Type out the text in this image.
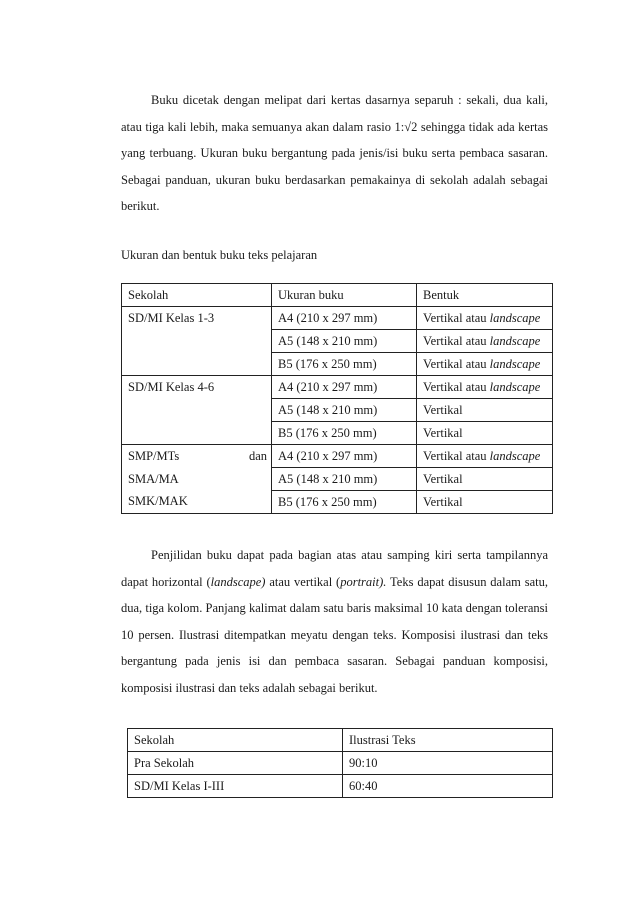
Buku dicetak dengan melipat dari kertas dasarnya separuh : sekali, dua kali, atau tiga kali lebih, maka semuanya akan dalam rasio 1:√2 sehingga tidak ada kertas yang terbuang. Ukuran buku bergantung pada jenis/isi buku serta pembaca sasaran. Sebagai panduan, ukuran buku berdasarkan pemakainya di sekolah adalah sebagai berikut.

Ukuran dan bentuk buku teks pelajaran

Sekolah	Ukuran buku	Bentuk
SD/MI Kelas 1-3	A4 (210 x 297 mm)	Vertikal atau landscape
	A5 (148 x 210 mm)	Vertikal atau landscape
	B5 (176 x 250 mm)	Vertikal atau landscape
SD/MI Kelas 4-6	A4 (210 x 297 mm)	Vertikal atau landscape
	A5 (148 x 210 mm)	Vertikal
	B5 (176 x 250 mm)	Vertikal
SMP/MTs dan	A4 (210 x 297 mm)	Vertikal atau landscape
SMA/MA	A5 (148 x 210 mm)	Vertikal
SMK/MAK	B5 (176 x 250 mm)	Vertikal

Penjilidan buku dapat pada bagian atas atau samping kiri serta tampilannya dapat horizontal (landscape) atau vertikal (portrait). Teks dapat disusun dalam satu, dua, tiga kolom. Panjang kalimat dalam satu baris maksimal 10 kata dengan toleransi 10 persen. Ilustrasi ditempatkan meyatu dengan teks. Komposisi ilustrasi dan teks bergantung pada jenis isi dan pembaca sasaran. Sebagai panduan komposisi, komposisi ilustrasi dan teks adalah sebagai berikut.

Sekolah	Ilustrasi Teks
Pra Sekolah	90:10
SD/MI Kelas I-III	60:40
